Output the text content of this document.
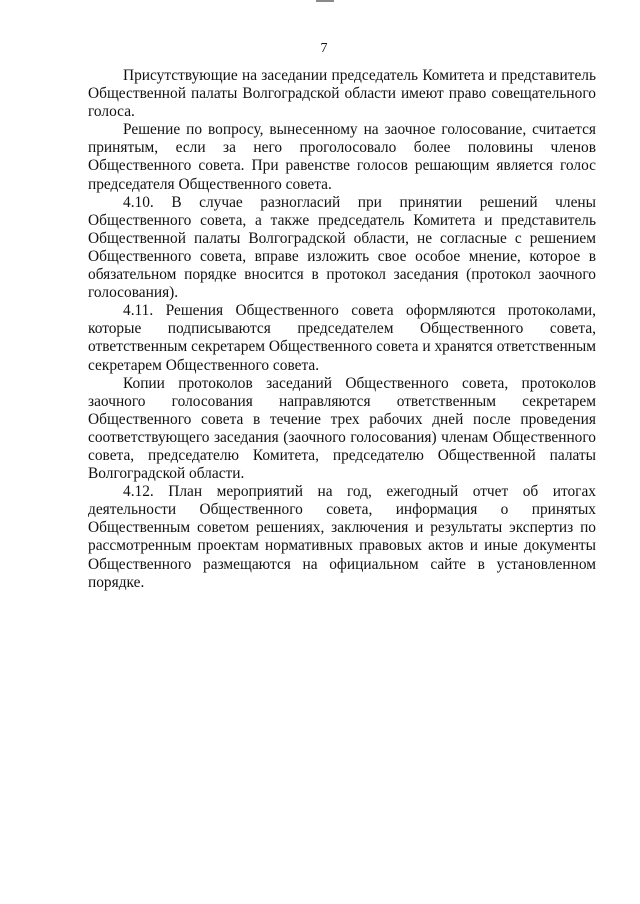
7

Присутствующие на заседании председатель Комитета и представитель Общественной палаты Волгоградской области имеют право совещательного голоса.

Решение по вопросу, вынесенному на заочное голосование, считается принятым, если за него проголосовало более половины членов Общественного совета. При равенстве голосов решающим является голос председателя Общественного совета.

4.10. В случае разногласий при принятии решений члены Общественного совета, а также председатель Комитета и представитель Общественной палаты Волгоградской области, не согласные с решением Общественного совета, вправе изложить свое особое мнение, которое в обязательном порядке вносится в протокол заседания (протокол заочного голосования).

4.11. Решения Общественного совета оформляются протоколами, которые подписываются председателем Общественного совета, ответственным секретарем Общественного совета и хранятся ответственным секретарем Общественного совета.

Копии протоколов заседаний Общественного совета, протоколов заочного голосования направляются ответственным секретарем Общественного совета в течение трех рабочих дней после проведения соответствующего заседания (заочного голосования) членам Общественного совета, председателю Комитета, председателю Общественной палаты Волгоградской области.

4.12. План мероприятий на год, ежегодный отчет об итогах деятельности Общественного совета, информация о принятых Общественным советом решениях, заключения и результаты экспертиз по рассмотренным проектам нормативных правовых актов и иные документы Общественного размещаются на официальном сайте в установленном порядке.
